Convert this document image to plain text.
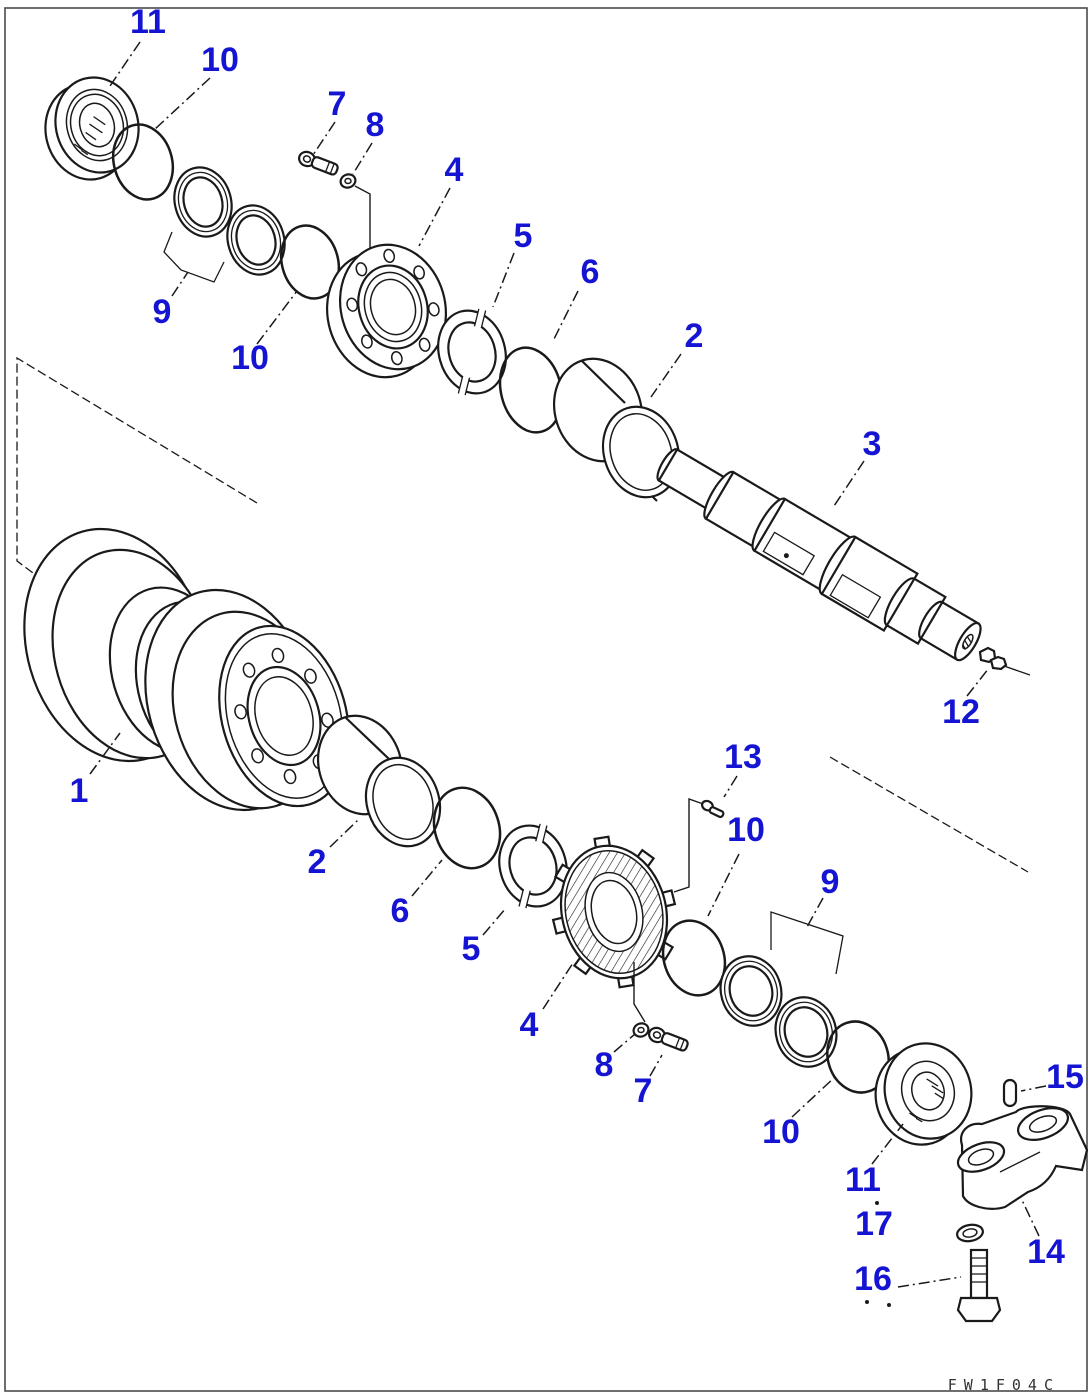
FW1F04C
11
10
7
8
4
5
6
2
3
9
10
12
1
2
6
5
13
10
9
4
8
7
10
11
15
17
14
16
